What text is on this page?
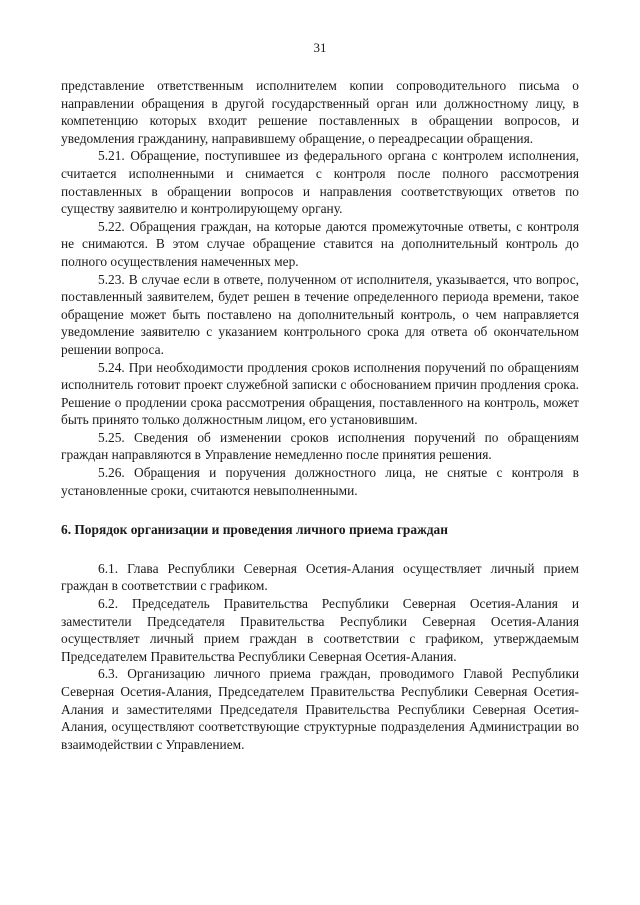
31

представление ответственным исполнителем копии сопроводительного письма о направлении обращения в другой государственный орган или должностному лицу, в компетенцию которых входит решение поставленных в обращении вопросов, и уведомления гражданину, направившему обращение, о переадресации обращения.

5.21. Обращение, поступившее из федерального органа с контролем исполнения, считается исполненными и снимается с контроля после полного рассмотрения поставленных в обращении вопросов и направления соответствующих ответов по существу заявителю и контролирующему органу.

5.22. Обращения граждан, на которые даются промежуточные ответы, с контроля не снимаются. В этом случае обращение ставится на дополнительный контроль до полного осуществления намеченных мер.

5.23. В случае если в ответе, полученном от исполнителя, указывается, что вопрос, поставленный заявителем, будет решен в течение определенного периода времени, такое обращение может быть поставлено на дополнительный контроль, о чем направляется уведомление заявителю с указанием контрольного срока для ответа об окончательном решении вопроса.

5.24. При необходимости продления сроков исполнения поручений по обращениям исполнитель готовит проект служебной записки с обоснованием причин продления срока. Решение о продлении срока рассмотрения обращения, поставленного на контроль, может быть принято только должностным лицом, его установившим.

5.25. Сведения об изменении сроков исполнения поручений по обращениям граждан направляются в Управление немедленно после принятия решения.

5.26. Обращения и поручения должностного лица, не снятые с контроля в установленные сроки, считаются невыполненными.

6. Порядок организации и проведения личного приема граждан

6.1. Глава Республики Северная Осетия-Алания осуществляет личный прием граждан в соответствии с графиком.

6.2. Председатель Правительства Республики Северная Осетия-Алания и заместители Председателя Правительства Республики Северная Осетия-Алания осуществляет личный прием граждан в соответствии с графиком, утверждаемым Председателем Правительства Республики Северная Осетия-Алания.

6.3. Организацию личного приема граждан, проводимого Главой Республики Северная Осетия-Алания, Председателем Правительства Республики Северная Осетия-Алания и заместителями Председателя Правительства Республики Северная Осетия-Алания, осуществляют соответствующие структурные подразделения Администрации во взаимодействии с Управлением.
